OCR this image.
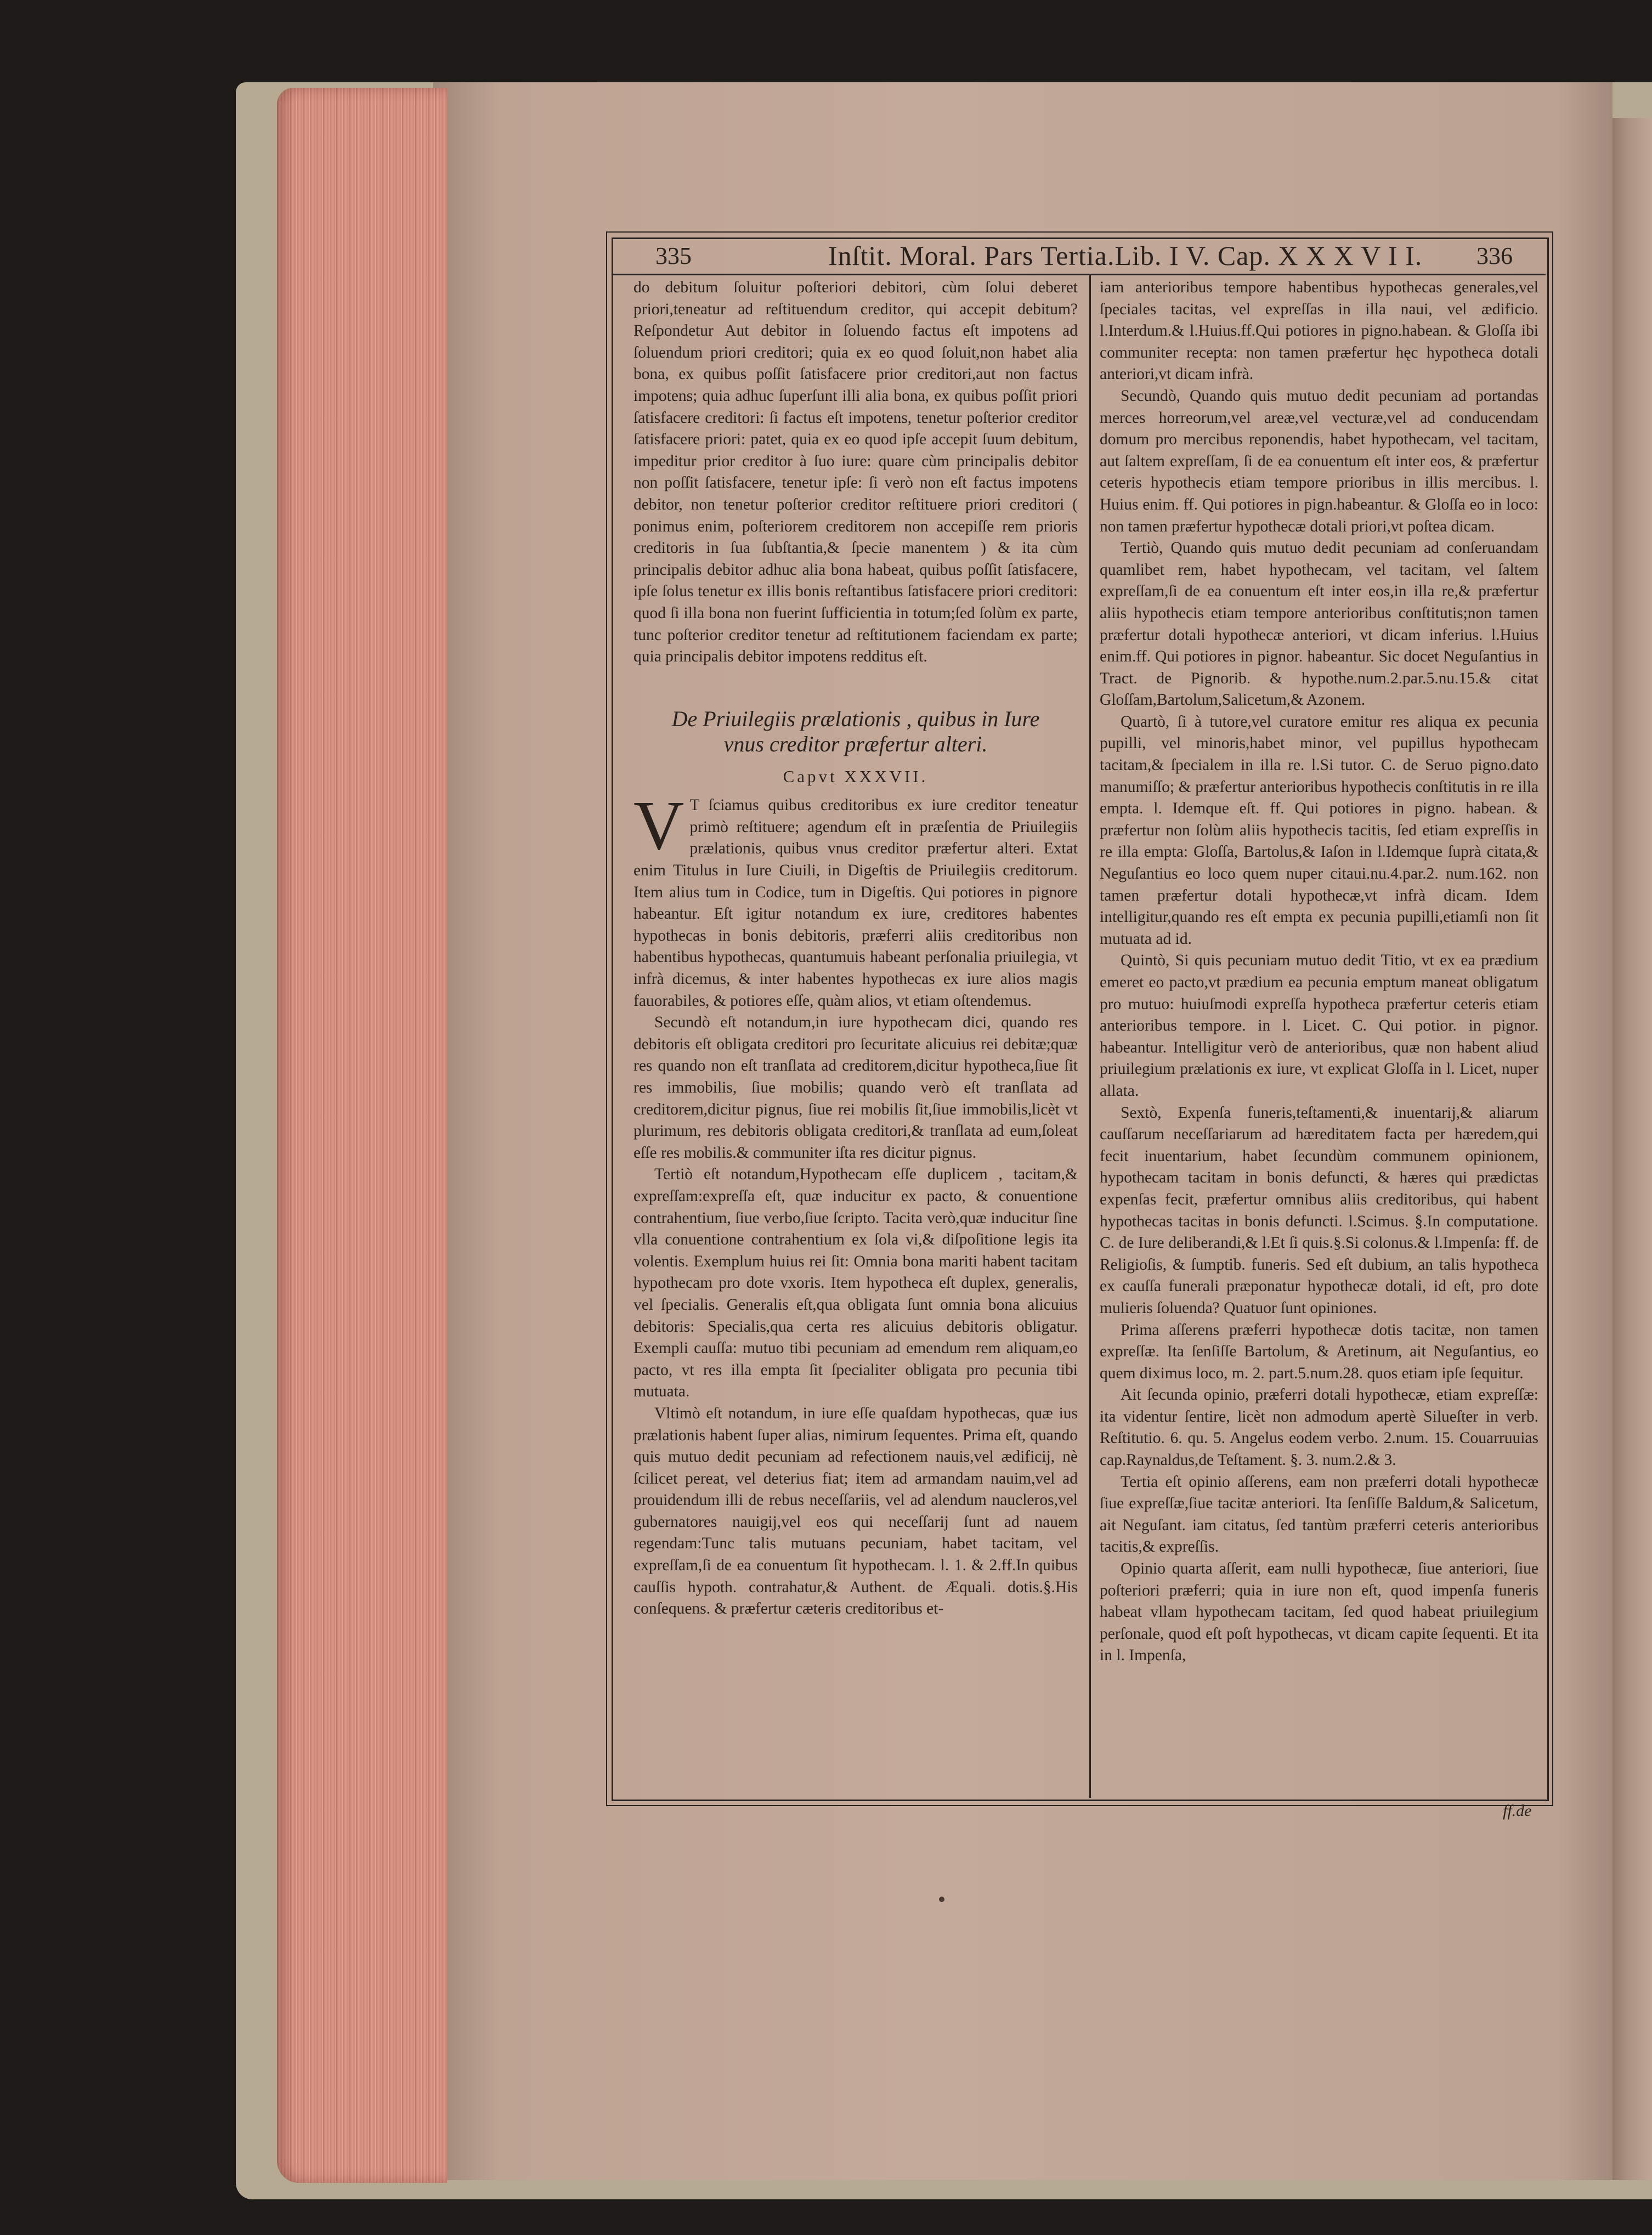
335	Inſtit. Moral. Pars Tertia.Lib. I V. Cap. X X X V I I. 336

do debitum ſoluitur poſteriori debitori, cùm ſolui deberet priori,teneatur ad reſtituendum creditor, qui accepit debitum? Reſpondetur Aut debitor in ſoluendo factus eſt impotens ad ſoluendum priori creditori; quia ex eo quod ſoluit,non habet alia bona, ex quibus poſſit ſatisfacere prior creditori,aut non factus impotens; quia adhuc ſuperſunt illi alia bona, ex quibus poſſit priori ſatisfacere creditori: ſi factus eſt impotens, tenetur poſterior creditor ſatisfacere priori: patet, quia ex eo quod ipſe accepit ſuum debitum, impeditur prior creditor à ſuo iure: quare cùm principalis debitor non poſſit ſatisfacere, tenetur ipſe: ſi verò non eſt factus impotens debitor, non tenetur poſterior creditor reſtituere priori creditori ( ponimus enim, poſteriorem creditorem non accepiſſe rem prioris creditoris in ſua ſubſtantia,& ſpecie manentem ) & ita cùm principalis debitor adhuc alia bona habeat, quibus poſſit ſatisfacere, ipſe ſolus tenetur ex illis bonis reſtantibus ſatisfacere priori creditori: quod ſi illa bona non fuerint ſufficientia in totum;ſed ſolùm ex parte, tunc poſterior creditor tenetur ad reſtitutionem faciendam ex parte; quia principalis debitor impotens redditus eſt.

De Priuilegiis prælationis , quibus in Iure vnus creditor præfertur alteri.
Capvt XXXVII.

V T ſciamus quibus creditoribus ex iure creditor teneatur primò reſtituere; agendum eſt in præſentia de Priuilegiis prælationis, quibus vnus creditor præfertur alteri. Extat enim Titulus in Iure Ciuili, in Digeſtis de Priuilegiis creditorum. Item alius tum in Codice, tum in Digeſtis. Qui potiores in pignore habeantur. Eſt igitur notandum ex iure, creditores habentes hypothecas in bonis debitoris, præferri aliis creditoribus non habentibus hypothecas, quantumuis habeant perſonalia priuilegia, vt infrà dicemus, & inter habentes hypothecas ex iure alios magis fauorabiles, & potiores eſſe, quàm alios, vt etiam oſtendemus.

Secundò eſt notandum,in iure hypothecam dici, quando res debitoris eſt obligata creditori pro ſecuritate alicuius rei debitæ;quæ res quando non eſt tranſlata ad creditorem,dicitur hypotheca,ſiue ſit res immobilis, ſiue mobilis; quando verò eſt tranſlata ad creditorem,dicitur pignus, ſiue rei mobilis ſit,ſiue immobilis,licèt vt plurimum, res debitoris obligata creditori,& tranſlata ad eum,ſoleat eſſe res mobilis.& communiter iſta res dicitur pignus.

Tertiò eſt notandum,Hypothecam eſſe duplicem , tacitam,& expreſſam:expreſſa eſt, quæ inducitur ex pacto, & conuentione contrahentium, ſiue verbo,ſiue ſcripto. Tacita verò,quæ inducitur ſine vlla conuentione contrahentium ex ſola vi,& diſpoſitione legis ita volentis. Exemplum huius rei ſit: Omnia bona mariti habent tacitam hypothecam pro dote vxoris. Item hypotheca eſt duplex, generalis, vel ſpecialis. Generalis eſt,qua obligata ſunt omnia bona alicuius debitoris: Specialis,qua certa res alicuius debitoris obligatur. Exempli cauſſa: mutuo tibi pecuniam ad emendum rem aliquam,eo pacto, vt res illa empta ſit ſpecialiter obligata pro pecunia tibi mutuata.

Vltimò eſt notandum, in iure eſſe quaſdam hypothecas, quæ ius prælationis habent ſuper alias, nimirum ſequentes. Prima eſt, quando quis mutuo dedit pecuniam ad refectionem nauis,vel ædificij, nè ſcilicet pereat, vel deterius fiat; item ad armandam nauim,vel ad prouidendum illi de rebus neceſſariis, vel ad alendum naucleros,vel gubernatores nauigij,vel eos qui neceſſarij ſunt ad nauem regendam:Tunc talis mutuans pecuniam, habet tacitam, vel expreſſam,ſi de ea conuentum ſit hypothecam. l. 1. & 2.ff.In quibus cauſſis hypoth. contrahatur,& Authent. de Æquali. dotis.§.His conſequens. & præfertur cæteris creditoribus et-

iam anterioribus tempore habentibus hypothecas generales,vel ſpeciales tacitas, vel expreſſas in illa naui, vel ædificio. l.Interdum.& l.Huius.ff.Qui potiores in pigno.habean. & Gloſſa ibi communiter recepta: non tamen præfertur hęc hypotheca dotali anteriori,vt dicam infrà.

Secundò, Quando quis mutuo dedit pecuniam ad portandas merces horreorum,vel areæ,vel vecturæ,vel ad conducendam domum pro mercibus reponendis, habet hypothecam, vel tacitam, aut ſaltem expreſſam, ſi de ea conuentum eſt inter eos, & præfertur ceteris hypothecis etiam tempore prioribus in illis mercibus. l. Huius enim. ff. Qui potiores in pign.habeantur. & Gloſſa eo in loco: non tamen præfertur hypothecæ dotali priori,vt poſtea dicam.

Tertiò, Quando quis mutuo dedit pecuniam ad conſeruandam quamlibet rem, habet hypothecam, vel tacitam, vel ſaltem expreſſam,ſi de ea conuentum eſt inter eos,in illa re,& præfertur aliis hypothecis etiam tempore anterioribus conſtitutis;non tamen præfertur dotali hypothecæ anteriori, vt dicam inferius. l.Huius enim.ff. Qui potiores in pignor. habeantur. Sic docet Neguſantius in Tract. de Pignorib. & hypothe.num.2.par.5.nu.15.& citat Gloſſam,Bartolum,Salicetum,& Azonem.

Quartò, ſi à tutore,vel curatore emitur res aliqua ex pecunia pupilli, vel minoris,habet minor, vel pupillus hypothecam tacitam,& ſpecialem in illa re. l.Si tutor. C. de Seruo pigno.dato manumiſſo; & præfertur anterioribus hypothecis conſtitutis in re illa empta. l. Idemque eſt. ff. Qui potiores in pigno. habean. & præfertur non ſolùm aliis hypothecis tacitis, ſed etiam expreſſis in re illa empta: Gloſſa, Bartolus,& Iaſon in l.Idemque ſuprà citata,& Neguſantius eo loco quem nuper citaui.nu.4.par.2. num.162. non tamen præfertur dotali hypothecæ,vt infrà dicam. Idem intelligitur,quando res eſt empta ex pecunia pupilli,etiamſi non ſit mutuata ad id.

Quintò, Si quis pecuniam mutuo dedit Titio, vt ex ea prædium emeret eo pacto,vt prædium ea pecunia emptum maneat obligatum pro mutuo: huiuſmodi expreſſa hypotheca præfertur ceteris etiam anterioribus tempore. in l. Licet. C. Qui potior. in pignor. habeantur. Intelligitur verò de anterioribus, quæ non habent aliud priuilegium prælationis ex iure, vt explicat Gloſſa in l. Licet, nuper allata.

Sextò, Expenſa funeris,teſtamenti,& inuentarij,& aliarum cauſſarum neceſſariarum ad hæreditatem facta per hæredem,qui fecit inuentarium, habet ſecundùm communem opinionem, hypothecam tacitam in bonis defuncti, & hæres qui prædictas expenſas fecit, præfertur omnibus aliis creditoribus, qui habent hypothecas tacitas in bonis defuncti. l.Scimus. §.In computatione. C. de Iure deliberandi,& l.Et ſi quis.§.Si colonus.& l.Impenſa: ff. de Religioſis, & ſumptib. funeris. Sed eſt dubium, an talis hypotheca ex cauſſa funerali præponatur hypothecæ dotali, id eſt, pro dote mulieris ſoluenda? Quatuor ſunt opiniones.

Prima aſſerens præferri hypothecæ dotis tacitæ, non tamen expreſſæ. Ita ſenſiſſe Bartolum, & Aretinum, ait Neguſantius, eo quem diximus loco, m. 2. part.5.num.28. quos etiam ipſe ſequitur.

Ait ſecunda opinio, præferri dotali hypothecæ, etiam expreſſæ: ita videntur ſentire, licèt non admodum apertè Silueſter in verb. Reſtitutio. 6. qu. 5. Angelus eodem verbo. 2.num. 15. Couarruuias cap.Raynaldus,de Teſtament. §. 3. num.2.& 3.

Tertia eſt opinio aſſerens, eam non præferri dotali hypothecæ ſiue expreſſæ,ſiue tacitæ anteriori. Ita ſenſiſſe Baldum,& Salicetum, ait Neguſant. iam citatus, ſed tantùm præferri ceteris anterioribus tacitis,& expreſſis.

Opinio quarta aſſerit, eam nulli hypothecæ, ſiue anteriori, ſiue poſteriori præferri; quia in iure non eſt, quod impenſa funeris habeat vllam hypothecam tacitam, ſed quod habeat priuilegium perſonale, quod eſt poſt hypothecas, vt dicam capite ſequenti. Et ita in l. Impenſa,

ff.de
